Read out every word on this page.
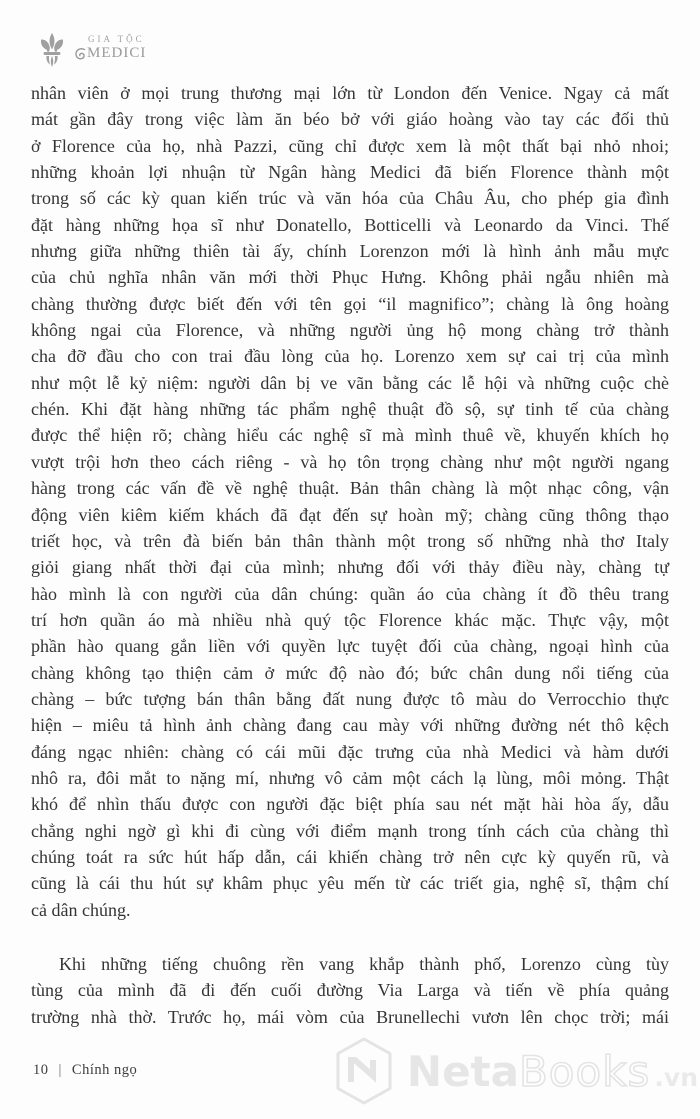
GIA TỘC
MEDICI
nhân viên ở mọi trung thương mại lớn từ London đến Venice. Ngay cả mất
mát gần đây trong việc làm ăn béo bở với giáo hoàng vào tay các đối thủ
ở Florence của họ, nhà Pazzi, cũng chỉ được xem là một thất bại nhỏ nhoi;
những khoản lợi nhuận từ Ngân hàng Medici đã biến Florence thành một
trong số các kỳ quan kiến trúc và văn hóa của Châu Âu, cho phép gia đình
đặt hàng những họa sĩ như Donatello, Botticelli và Leonardo da Vinci. Thế
nhưng giữa những thiên tài ấy, chính Lorenzon mới là hình ảnh mẫu mực
của chủ nghĩa nhân văn mới thời Phục Hưng. Không phải ngẫu nhiên mà
chàng thường được biết đến với tên gọi “il magnifico”; chàng là ông hoàng
không ngai của Florence, và những người ủng hộ mong chàng trở thành
cha đỡ đầu cho con trai đầu lòng của họ. Lorenzo xem sự cai trị của mình
như một lễ kỷ niệm: người dân bị ve vãn bằng các lễ hội và những cuộc chè
chén. Khi đặt hàng những tác phẩm nghệ thuật đồ sộ, sự tinh tế của chàng
được thể hiện rõ; chàng hiểu các nghệ sĩ mà mình thuê về, khuyến khích họ
vượt trội hơn theo cách riêng - và họ tôn trọng chàng như một người ngang
hàng trong các vấn đề về nghệ thuật. Bản thân chàng là một nhạc công, vận
động viên kiêm kiếm khách đã đạt đến sự hoàn mỹ; chàng cũng thông thạo
triết học, và trên đà biến bản thân thành một trong số những nhà thơ Italy
giỏi giang nhất thời đại của mình; nhưng đối với thảy điều này, chàng tự
hào mình là con người của dân chúng: quần áo của chàng ít đồ thêu trang
trí hơn quần áo mà nhiều nhà quý tộc Florence khác mặc. Thực vậy, một
phần hào quang gắn liền với quyền lực tuyệt đối của chàng, ngoại hình của
chàng không tạo thiện cảm ở mức độ nào đó; bức chân dung nổi tiếng của
chàng – bức tượng bán thân bằng đất nung được tô màu do Verrocchio thực
hiện – miêu tả hình ảnh chàng đang cau mày với những đường nét thô kệch
đáng ngạc nhiên: chàng có cái mũi đặc trưng của nhà Medici và hàm dưới
nhô ra, đôi mắt to nặng mí, nhưng vô cảm một cách lạ lùng, môi mỏng. Thật
khó để nhìn thấu được con người đặc biệt phía sau nét mặt hài hòa ấy, dẫu
chẳng nghi ngờ gì khi đi cùng với điểm mạnh trong tính cách của chàng thì
chúng toát ra sức hút hấp dẫn, cái khiến chàng trở nên cực kỳ quyến rũ, và
cũng là cái thu hút sự khâm phục yêu mến từ các triết gia, nghệ sĩ, thậm chí
cả dân chúng.
Khi những tiếng chuông rền vang khắp thành phố, Lorenzo cùng tùy
tùng của mình đã đi đến cuối đường Via Larga và tiến về phía quảng
trường nhà thờ. Trước họ, mái vòm của Brunellechi vươn lên chọc trời; mái
10 | Chính ngọ	Neta Books .vn
